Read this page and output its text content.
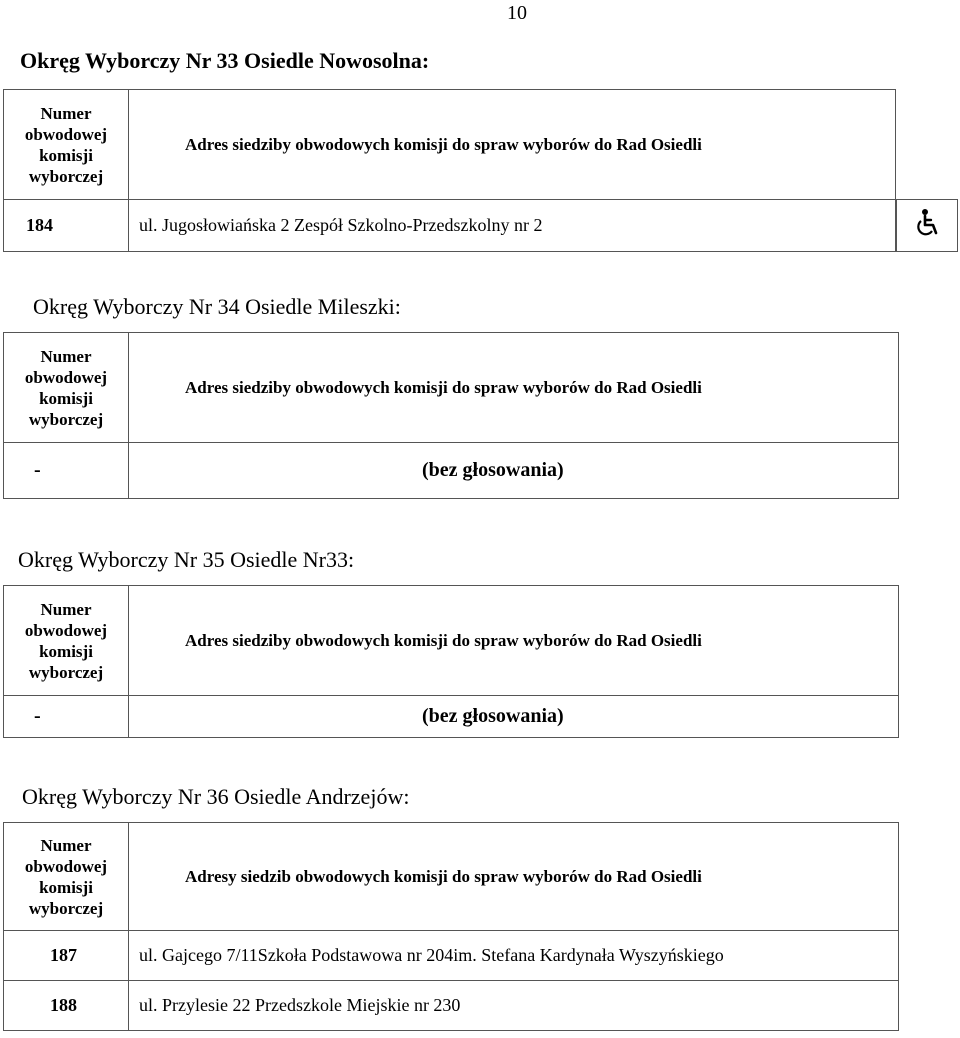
10
Okręg Wyborczy Nr 33 Osiedle Nowosolna:
Numer
obwodowej
komisji
wyborczej	Adres siedziby obwodowych komisji do spraw wyborów do Rad Osiedli
184	ul. Jugosłowiańska 2 Zespół Szkolno-Przedszkolny nr 2
Okręg Wyborczy Nr 34 Osiedle Mileszki:
Numer
obwodowej
komisji
wyborczej	Adres siedziby obwodowych komisji do spraw wyborów do Rad Osiedli
-	(bez głosowania)
Okręg Wyborczy Nr 35 Osiedle Nr33:
Numer
obwodowej
komisji
wyborczej	Adres siedziby obwodowych komisji do spraw wyborów do Rad Osiedli
-	(bez głosowania)
Okręg Wyborczy Nr 36 Osiedle Andrzejów:
Numer
obwodowej
komisji
wyborczej	Adresy siedzib obwodowych komisji do spraw wyborów do Rad Osiedli
187	ul. Gajcego 7/11Szkoła Podstawowa nr 204im. Stefana Kardynała Wyszyńskiego
188	ul. Przylesie 22 Przedszkole Miejskie nr 230
